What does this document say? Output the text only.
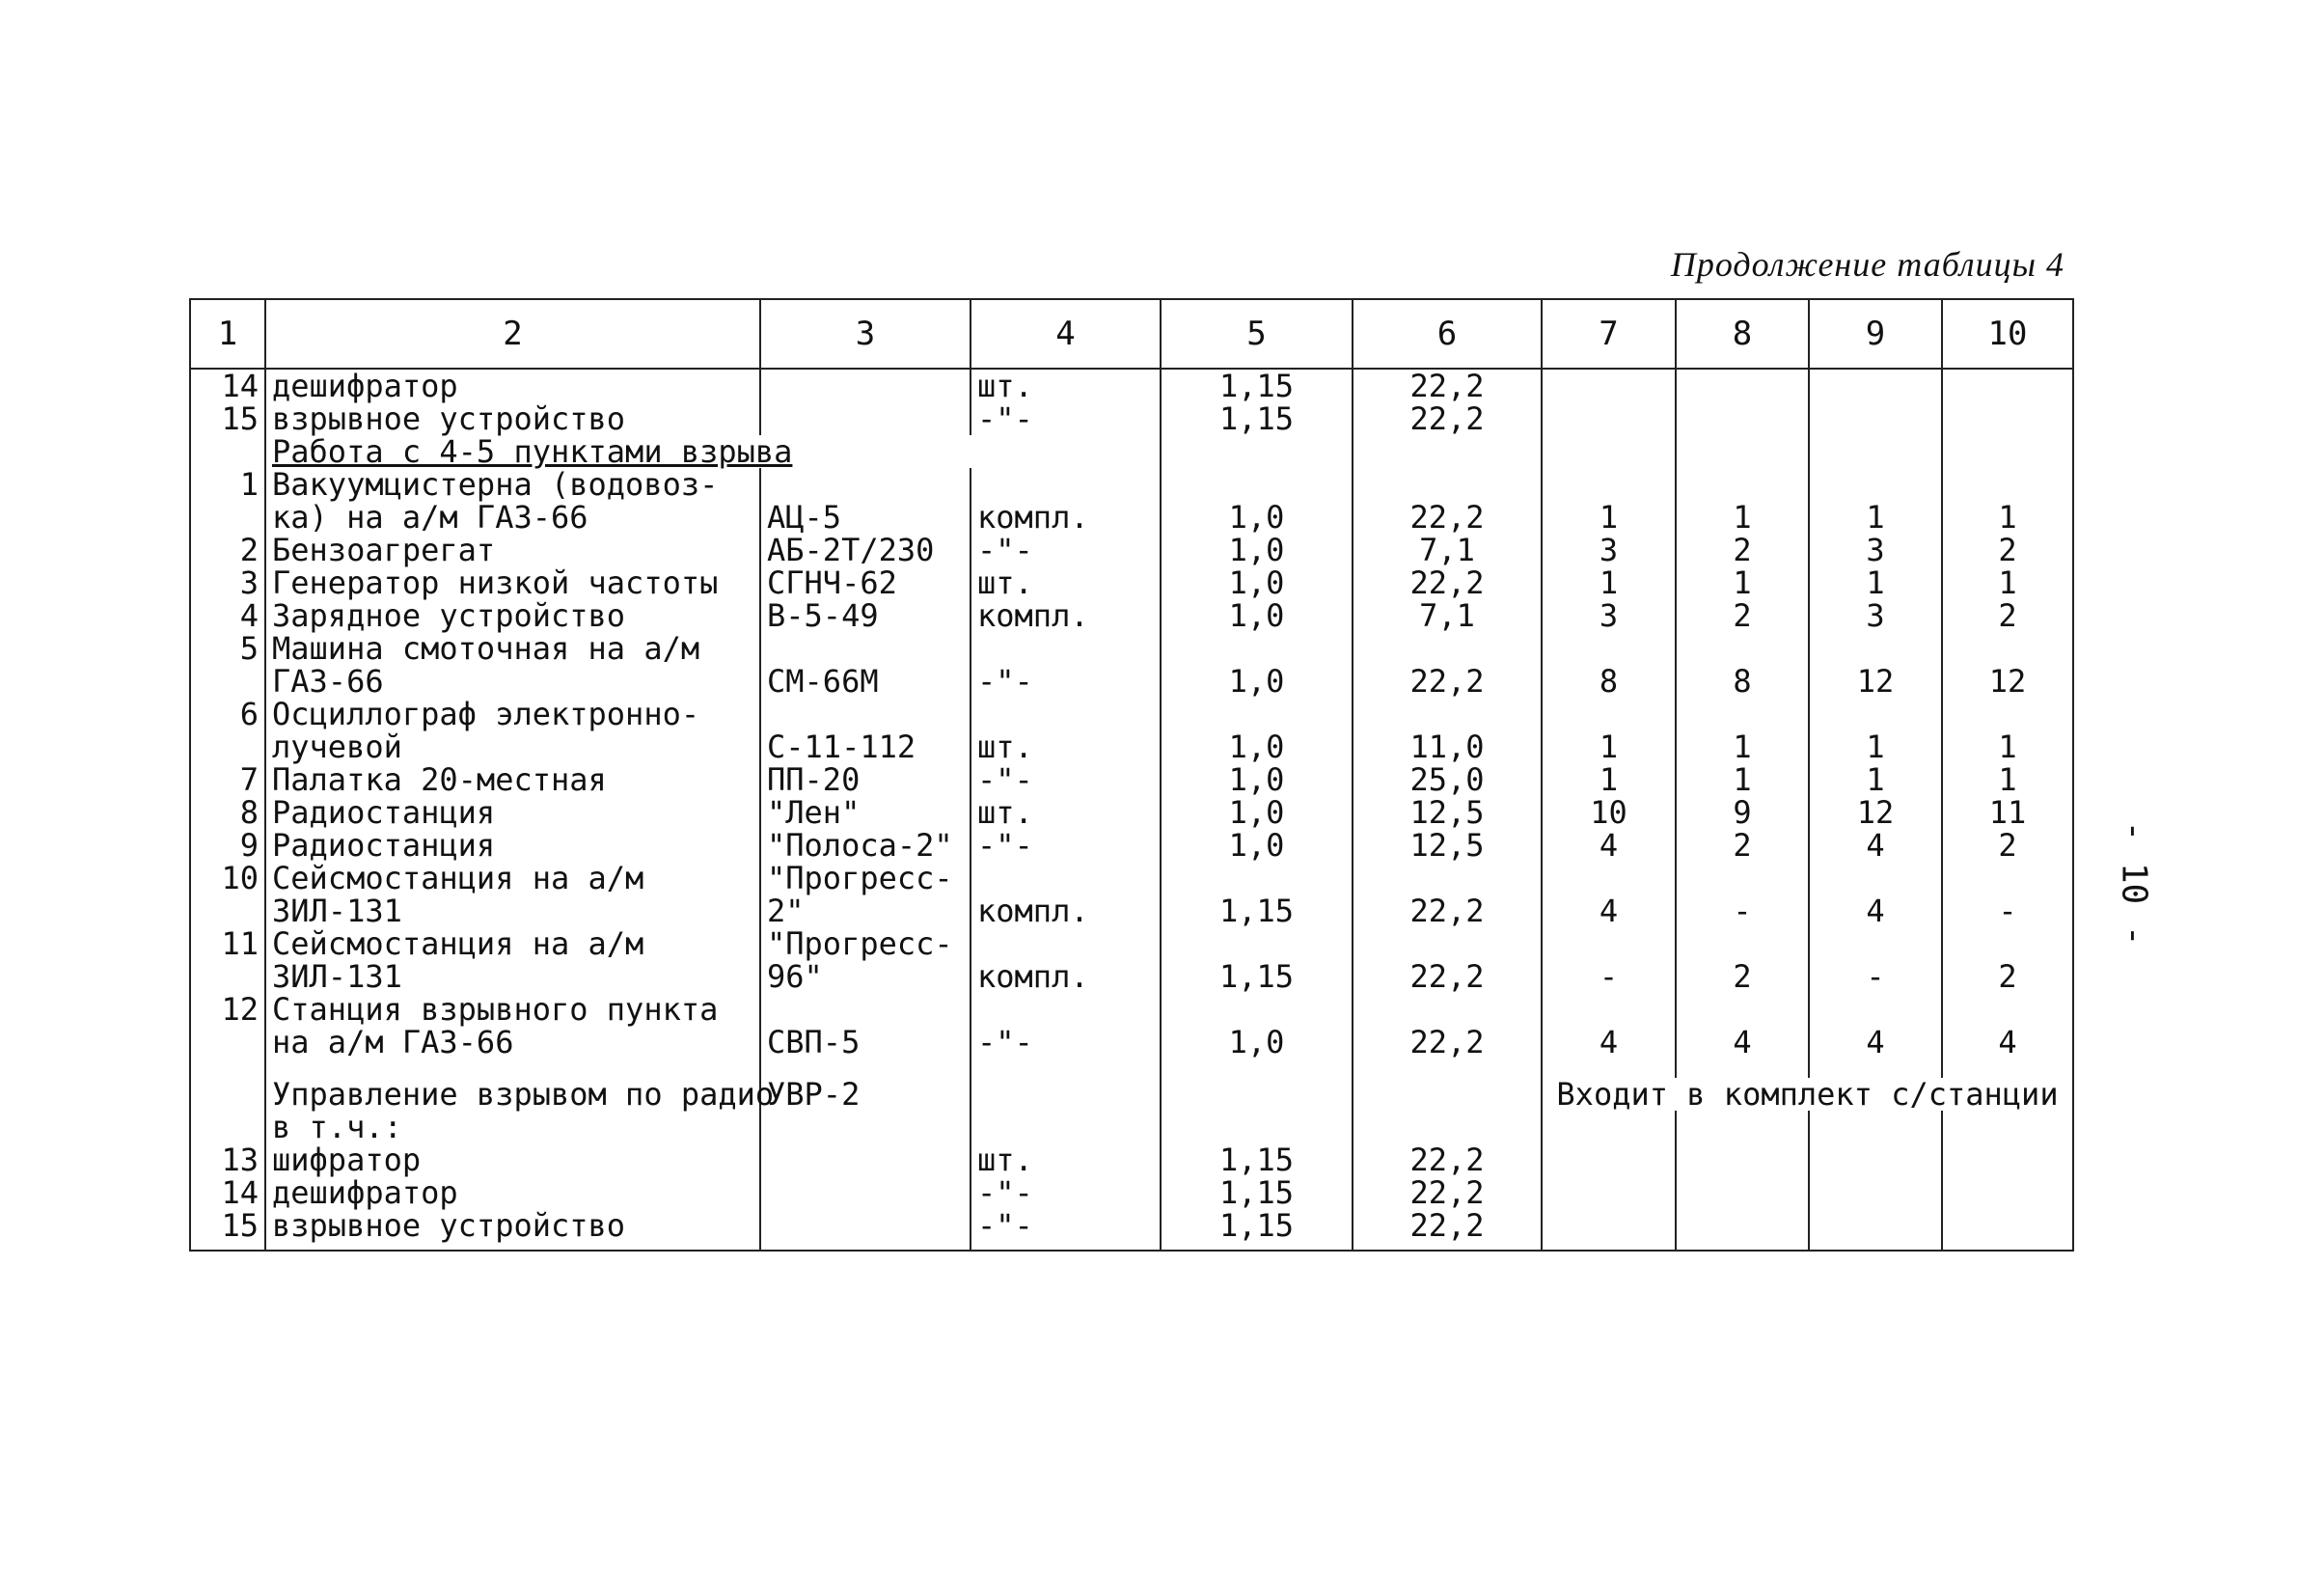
Продолжение таблицы 4
- 10 -
1	2	3	4	5	6	7	8	9	10
14	дешифратор		шт.	1,15	22,2				
15	взрывное устройство		-"-	1,15	22,2				
	Работа с 4-5 пунктами взрыва								
1	Вакуумцистерна (водовоз-								
	ка) на а/м ГАЗ-66	АЦ-5	компл.	1,0	22,2	1	1	1	1
2	Бензоагрегат	АБ-2Т/230	-"-	1,0	7,1	3	2	3	2
3	Генератор низкой частоты	СГНЧ-62	шт.	1,0	22,2	1	1	1	1
4	Зарядное устройство	В-5-49	компл.	1,0	7,1	3	2	3	2
5	Машина смоточная на а/м								
	ГАЗ-66	СМ-66М	-"-	1,0	22,2	8	8	12	12
6	Осциллограф электронно-								
	лучевой	С-11-112	шт.	1,0	11,0	1	1	1	1
7	Палатка 20-местная	ПП-20	-"-	1,0	25,0	1	1	1	1
8	Радиостанция	"Лен"	шт.	1,0	12,5	10	9	12	11
9	Радиостанция	"Полоса-2"	-"-	1,0	12,5	4	2	4	2
10	Сейсмостанция на а/м	"Прогресс-							
	ЗИЛ-131	2"	компл.	1,15	22,2	4	-	4	-
11	Сейсмостанция на а/м	"Прогресс-							
	ЗИЛ-131	96"	компл.	1,15	22,2	-	2	-	2
12	Станция взрывного пункта								
	на а/м ГАЗ-66	СВП-5	-"-	1,0	22,2	4	4	4	4

	Управление взрывом по радио	УВР-2				Входит в комплект с/станции			
	в т.ч.:								
13	шифратор		шт.	1,15	22,2				
14	дешифратор		-"-	1,15	22,2				
15	взрывное устройство		-"-	1,15	22,2				
